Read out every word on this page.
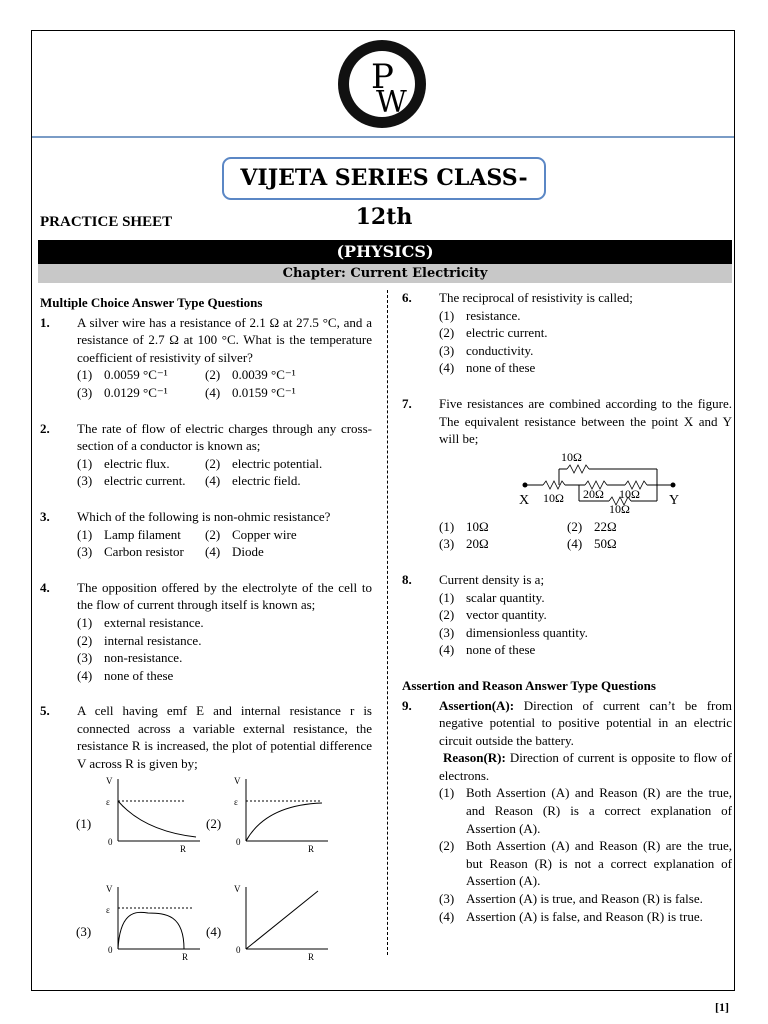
P
W
VIJETA SERIES CLASS-12th
PRACTICE SHEET
(PHYSICS)
Chapter: Current Electricity
Multiple Choice Answer Type Questions
1. A silver wire has a resistance of 2.1 Ω at 27.5 °C, and a resistance of 2.7 Ω at 100 °C. What is the temperature coefficient of resistivity of silver?
(1) 0.0059 °C⁻¹	(2) 0.0039 °C⁻¹
(3) 0.0129 °C⁻¹	(4) 0.0159 °C⁻¹
2. The rate of flow of electric charges through any cross-section of a conductor is known as;
(1) electric flux.	(2) electric potential.
(3) electric current.	(4) electric field.
3. Which of the following is non-ohmic resistance?
(1) Lamp filament	(2) Copper wire
(3) Carbon resistor	(4) Diode
4. The opposition offered by the electrolyte of the cell to the flow of current through itself is known as;
(1) external resistance.
(2) internal resistance.
(3) non-resistance.
(4) none of these
5. A cell having emf E and internal resistance r is connected across a variable external resistance, the resistance R is increased, the plot of potential difference V across R is given by;
(1)
V
ε
0
R
(2)
V
ε
0
R
(3)
V
ε
0
R
(4)
V
0
R
6. The reciprocal of resistivity is called;
(1) resistance.
(2) electric current.
(3) conductivity.
(4) none of these
7. Five resistances are combined according to the figure. The equivalent resistance between the point X and Y will be;
10Ω
X	Y
10Ω 20Ω 10Ω
10Ω
(1) 10Ω	(2) 22Ω
(3) 20Ω	(4) 50Ω
8. Current density is a;
(1) scalar quantity.
(2) vector quantity.
(3) dimensionless quantity.
(4) none of these
Assertion and Reason Answer Type Questions
9. Assertion(A): Direction of current can’t be from negative potential to positive potential in an electric circuit outside the battery.
Reason(R): Direction of current is opposite to flow of electrons.
(1) Both Assertion (A) and Reason (R) are the true, and Reason (R) is a correct explanation of Assertion (A).
(2) Both Assertion (A) and Reason (R) are the true, but Reason (R) is not a correct explanation of Assertion (A).
(3) Assertion (A) is true, and Reason (R) is false.
(4) Assertion (A) is false, and Reason (R) is true.
[1]
